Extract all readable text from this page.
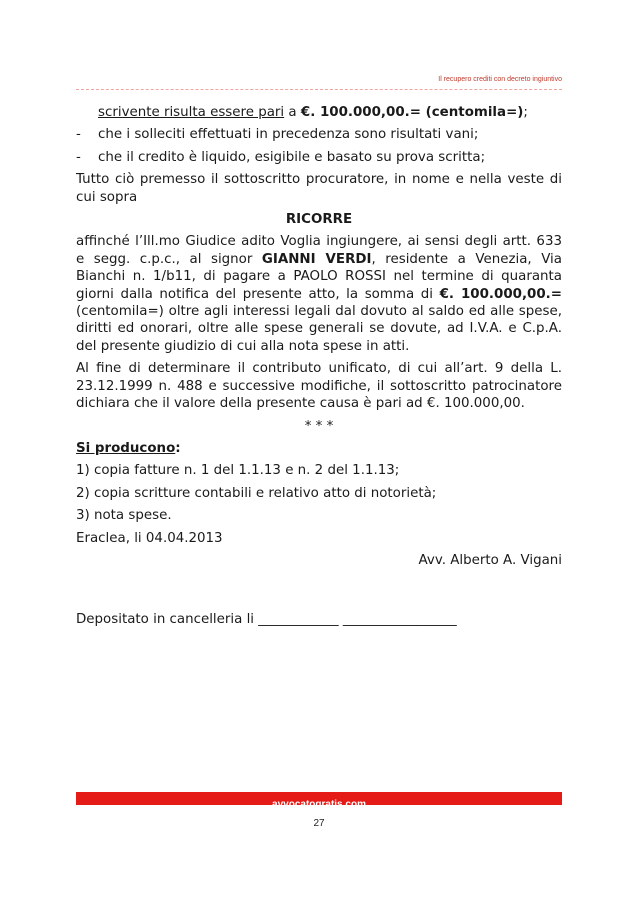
Il recupero crediti con decreto ingiuntivo
scrivente risulta essere pari a €. 100.000,00.= (centomila=);
-	che i solleciti effettuati in precedenza sono risultati vani;
-	che il credito è liquido, esigibile e basato su prova scritta;
Tutto ciò premesso il sottoscritto procuratore, in nome e nella veste di cui sopra
RICORRE
affinché l’Ill.mo Giudice adito Voglia ingiungere, ai sensi degli artt. 633 e segg. c.p.c., al signor GIANNI VERDI, residente a Venezia, Via Bianchi n. 1/b11, di pagare a PAOLO ROSSI nel termine di quaranta giorni dalla notifica del presente atto, la somma di €. 100.000,00.= (centomila=) oltre agli interessi legali dal dovuto al saldo ed alle spese, diritti ed onorari, oltre alle spese generali se dovute, ad I.V.A. e C.p.A. del presente giudizio di cui alla nota spese in atti.
Al fine di determinare il contributo unificato, di cui all’art. 9 della L. 23.12.1999 n. 488 e successive modifiche, il sottoscritto patrocinatore dichiara che il valore della presente causa è pari ad €. 100.000,00.
* * *
Si producono:
1) copia fatture n. 1 del 1.1.13 e n. 2 del 1.1.13;
2) copia scritture contabili e relativo atto di notorietà;
3) nota spese.
Eraclea, li 04.04.2013
Avv. Alberto A. Vigani
Depositato in cancelleria li ____________ _________________
avvocatogratis.com
27
